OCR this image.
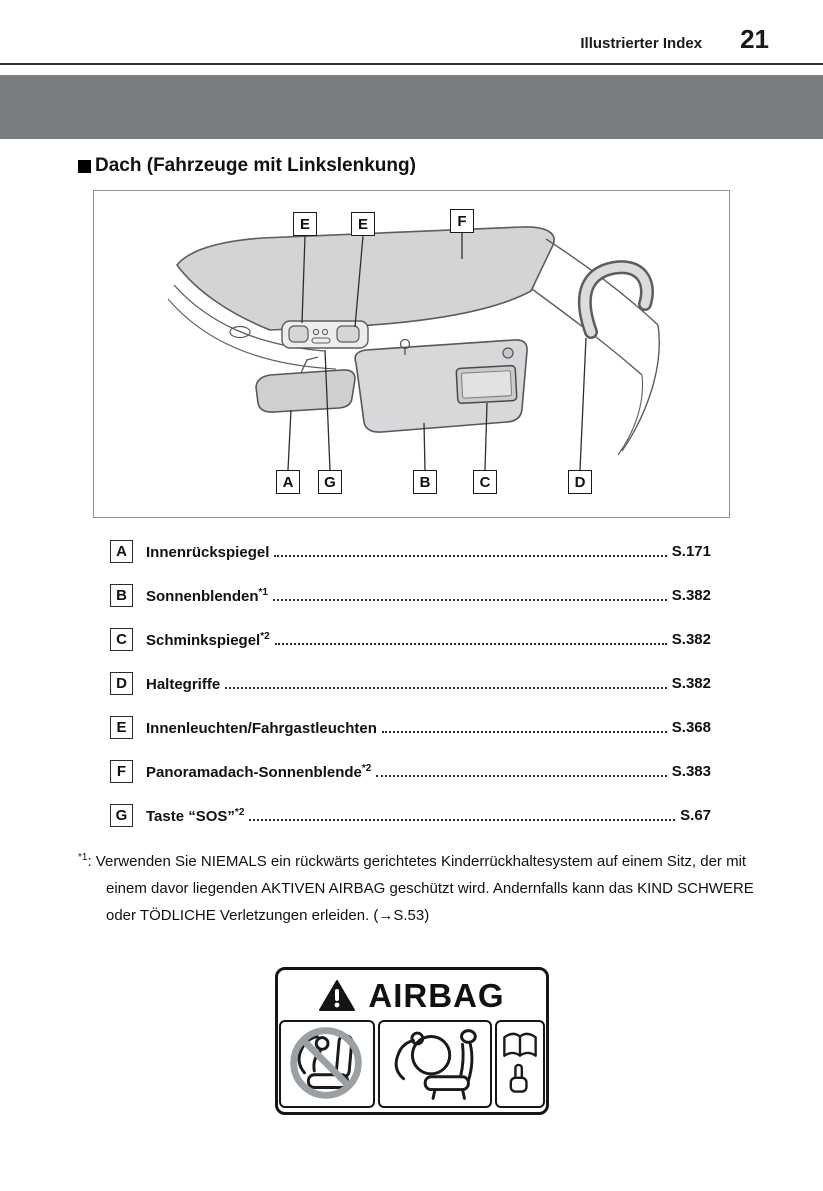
Illustrierter Index 21
Dach (Fahrzeuge mit Linkslenkung)
E	E	F
A	G	B	C	D
A	Innenrückspiegel	S.171
B	Sonnenblenden$^{*1}$	S.382
C	Schminkspiegel$^{*2}$	S.382
D	Haltegriffe	S.382
E	Innenleuchten/Fahrgastleuchten	S.368
F	Panoramadach-Sonnenblende$^{*2}$	S.383
G	Taste “SOS”$^{*2}$	S.67
$^{*1}$: Verwenden Sie NIEMALS ein rückwärts gerichtetes Kinderrückhaltesystem auf einem Sitz, der mit einem davor liegenden AKTIVEN AIRBAG geschützt wird. Andernfalls kann das KIND SCHWERE oder TÖDLICHE Verletzungen erleiden. (→S.53)
AIRBAG
